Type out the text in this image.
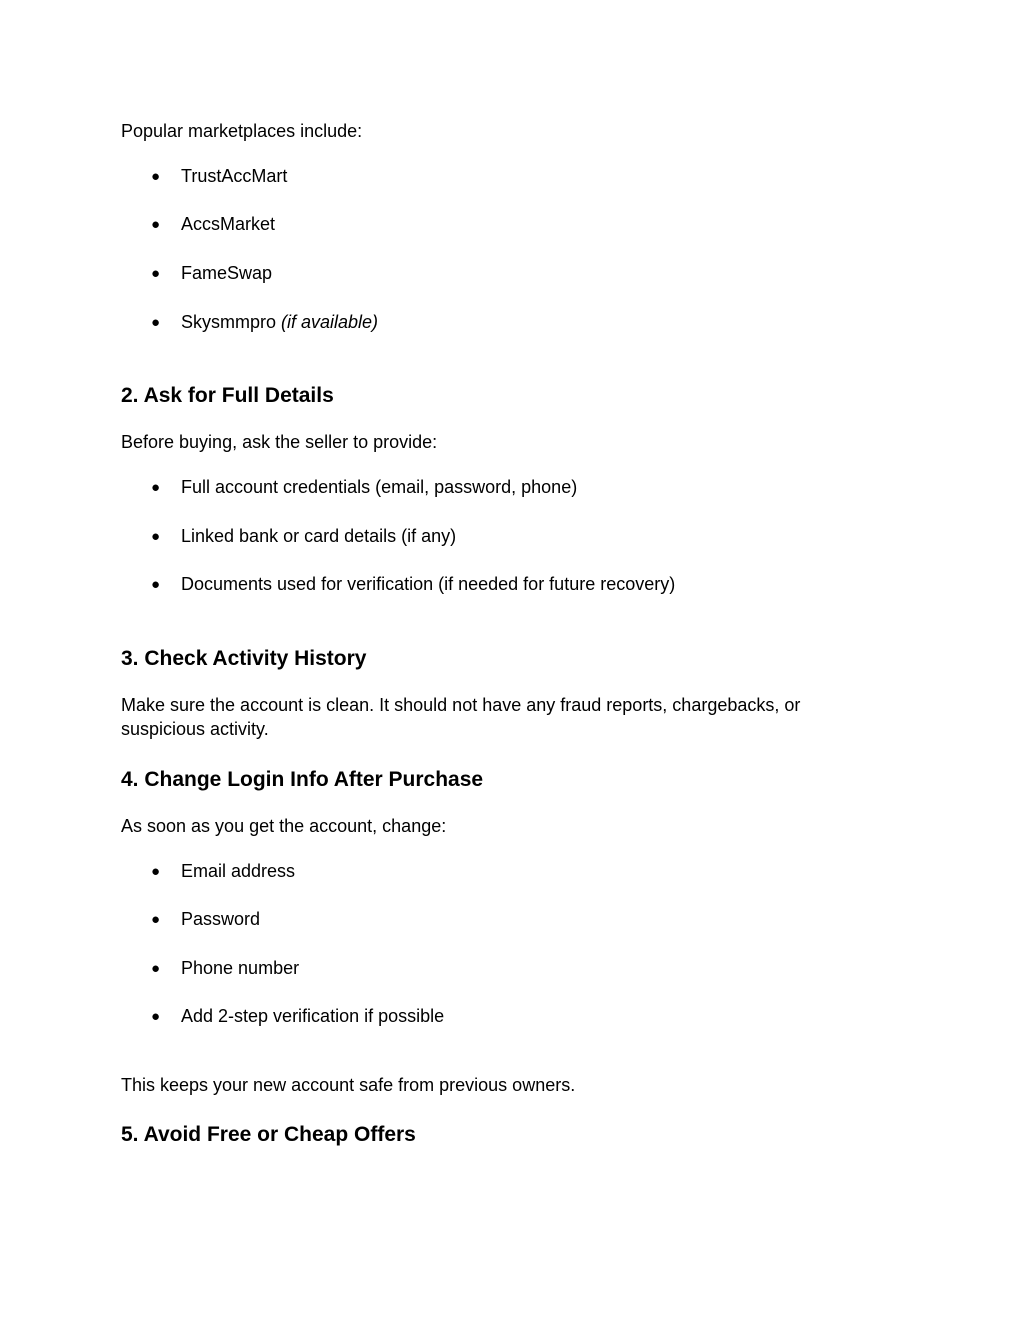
Popular marketplaces include:

● TrustAccMart
● AccsMarket
● FameSwap
● Skysmmpro (if available)
2. Ask for Full Details

Before buying, ask the seller to provide:

● Full account credentials (email, password, phone)
● Linked bank or card details (if any)
● Documents used for verification (if needed for future recovery)
3. Check Activity History

Make sure the account is clean. It should not have any fraud reports, chargebacks, or suspicious activity.

4. Change Login Info After Purchase

As soon as you get the account, change:

● Email address
● Password
● Phone number
● Add 2-step verification if possible

This keeps your new account safe from previous owners.

5. Avoid Free or Cheap Offers
